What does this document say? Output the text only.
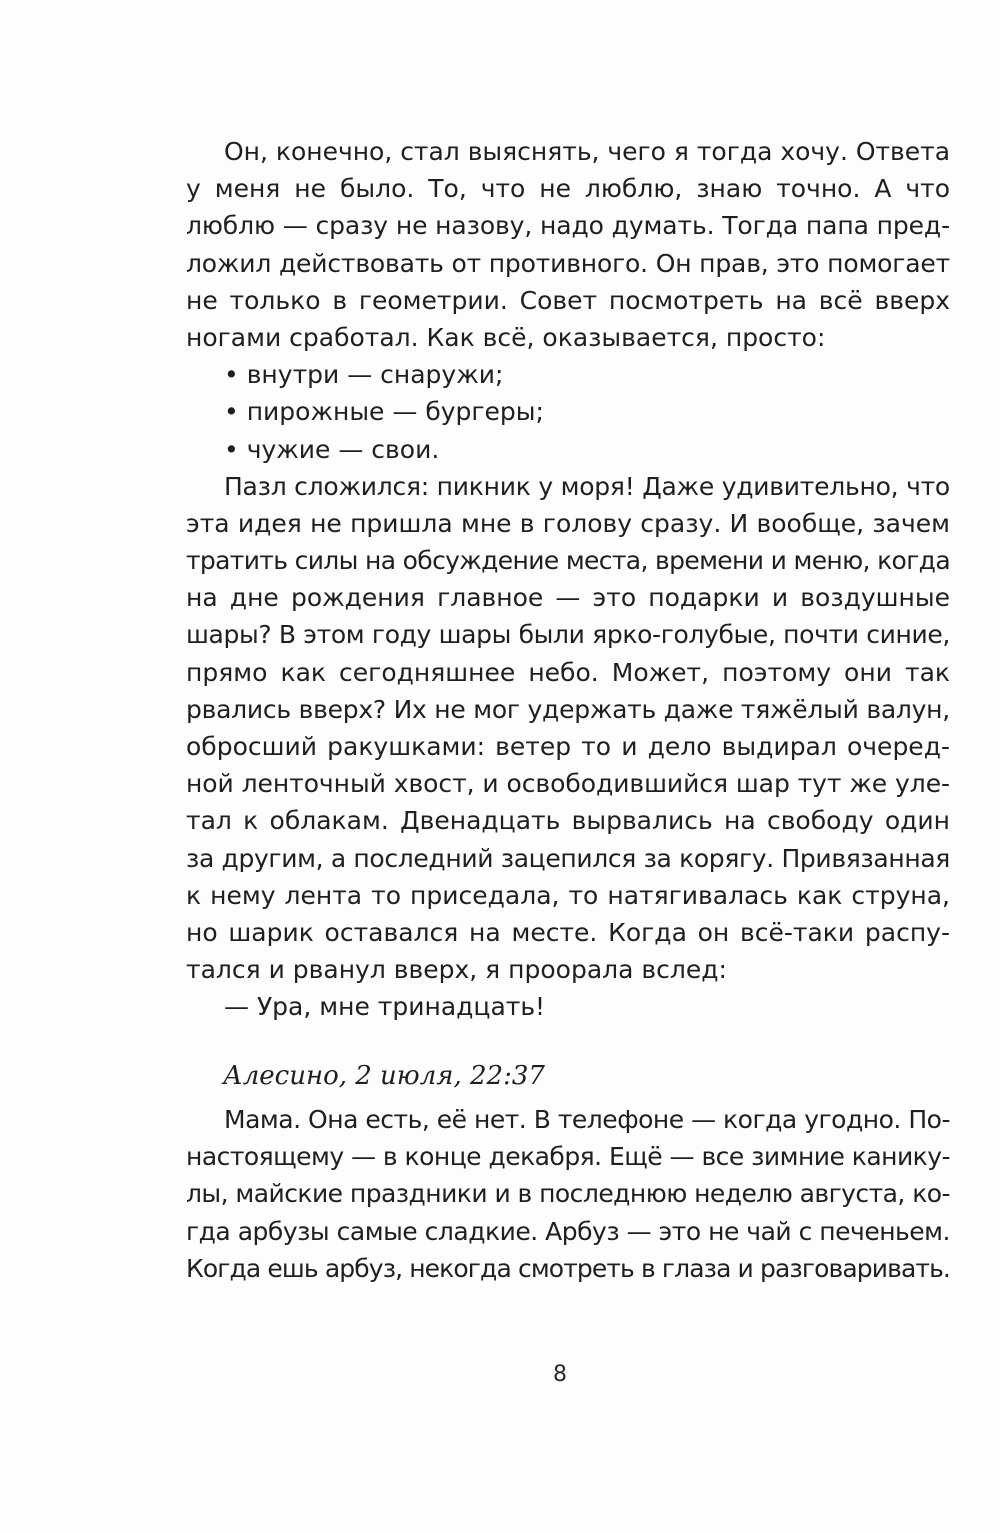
Он, конечно, стал выяснять, чего я тогда хочу. Ответа
у меня не было. То, что не люблю, знаю точно. А что
люблю — сразу не назову, надо думать. Тогда папа пред-
ложил действовать от противного. Он прав, это помогает
не только в геометрии. Совет посмотреть на всё вверх
ногами сработал. Как всё, оказывается, просто:
• внутри — снаружи;
• пирожные — бургеры;
• чужие — свои.
Пазл сложился: пикник у моря! Даже удивительно, что
эта идея не пришла мне в голову сразу. И вообще, зачем
тратить силы на обсуждение места, времени и меню, когда
на дне рождения главное — это подарки и воздушные
шары? В этом году шары были ярко-голубые, почти синие,
прямо как сегодняшнее небо. Может, поэтому они так
рвались вверх? Их не мог удержать даже тяжёлый валун,
обросший ракушками: ветер то и дело выдирал очеред-
ной ленточный хвост, и освободившийся шар тут же уле-
тал к облакам. Двенадцать вырвались на свободу один
за другим, а последний зацепился за корягу. Привязанная
к нему лента то приседала, то натягивалась как струна,
но шарик оставался на месте. Когда он всё-таки распу-
тался и рванул вверх, я проорала вслед:
— Ура, мне тринадцать!
Алесино, 2 июля, 22:37
Мама. Она есть, её нет. В телефоне — когда угодно. По-
настоящему — в конце декабря. Ещё — все зимние канику-
лы, майские праздники и в последнюю неделю августа, ко-
гда арбузы самые сладкие. Арбуз — это не чай с печеньем.
Когда ешь арбуз, некогда смотреть в глаза и разговаривать.
8
